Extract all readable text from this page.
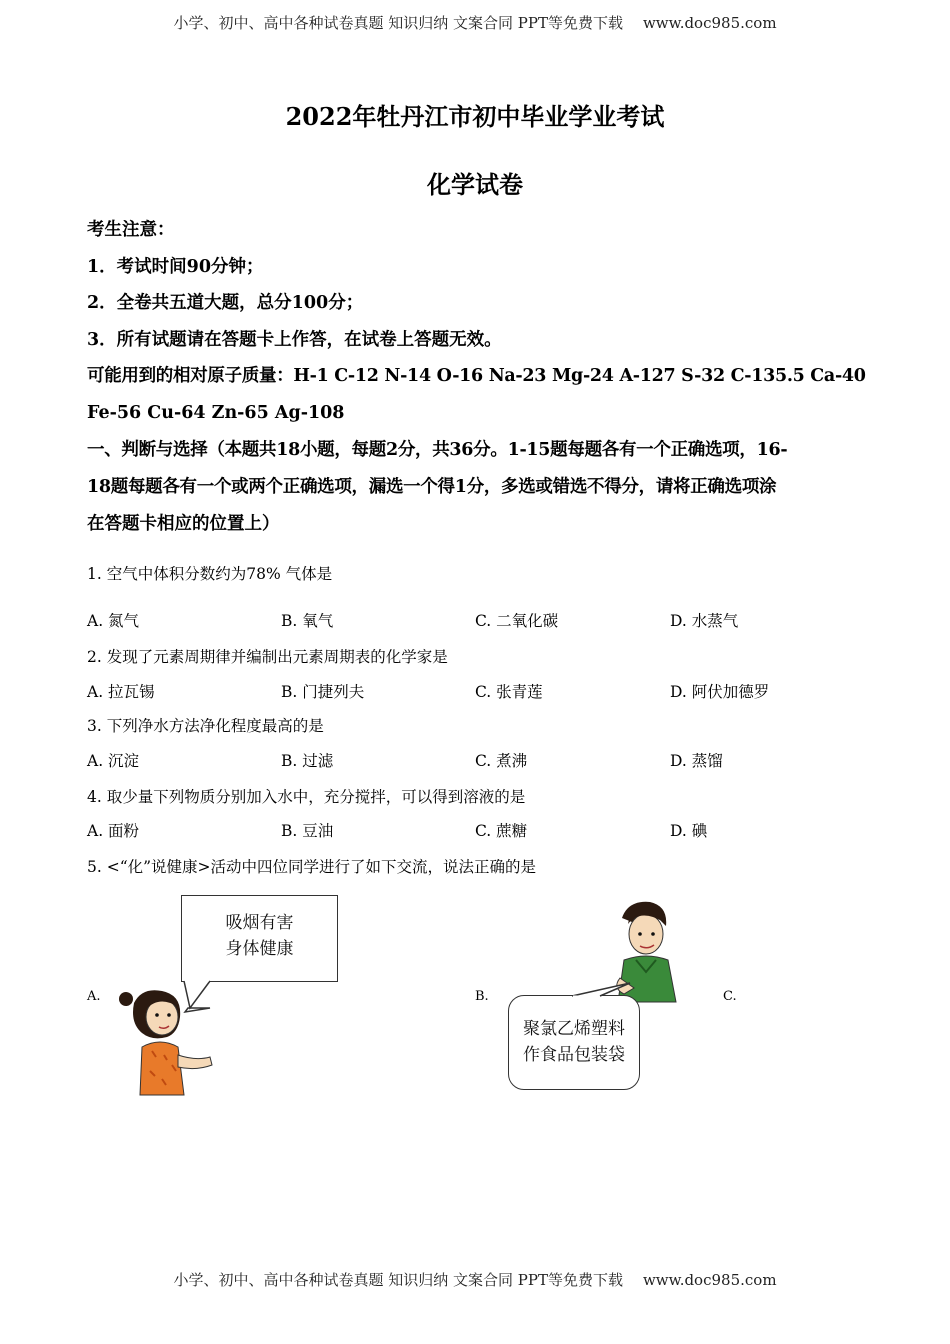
小学、初中、高中各种试卷真题 知识归纳 文案合同 PPT等免费下载 www.doc985.com
2022年牡丹江市初中毕业学业考试
化学试卷
考生注意：
1．考试时间90分钟；
2．全卷共五道大题，总分100分；
3．所有试题请在答题卡上作答，在试卷上答题无效。
可能用到的相对原子质量：H-1 C-12 N-14 O-16 Na-23 Mg-24 A-127 S-32 C-135.5 Ca-40
Fe-56 Cu-64 Zn-65 Ag-108
一、判断与选择（本题共18小题，每题2分，共36分。1-15题每题各有一个正确选项，16-
18题每题各有一个或两个正确选项，漏选一个得1分，多选或错选不得分，请将正确选项涂
在答题卡相应的位置上）
1. 空气中体积分数约为78% 气体是
A. 氮气	B. 氧气	C. 二氧化碳	D. 水蒸气
2. 发现了元素周期律并编制出元素周期表的化学家是
A. 拉瓦锡	B. 门捷列夫	C. 张青莲	D. 阿伏加德罗
3. 下列净水方法净化程度最高的是
A. 沉淀	B. 过滤	C. 煮沸	D. 蒸馏
4. 取少量下列物质分别加入水中，充分搅拌，可以得到溶液的是
A. 面粉	B. 豆油	C. 蔗糖	D. 碘
5. <“化”说健康>活动中四位同学进行了如下交流，说法正确的是
A.	B.	C.
吸烟有害
身体健康
聚氯乙烯塑料
作食品包装袋
小学、初中、高中各种试卷真题 知识归纳 文案合同 PPT等免费下载 www.doc985.com
